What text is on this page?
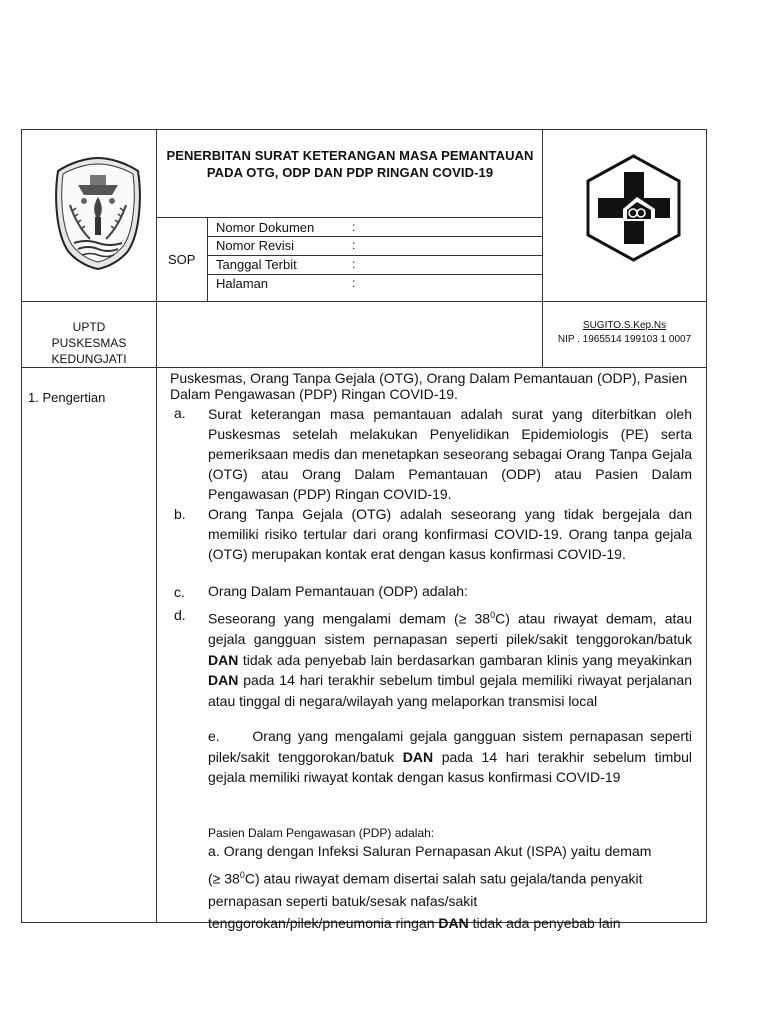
PENERBITAN SURAT KETERANGAN MASA PEMANTAUAN PADA OTG, ODP DAN PDP RINGAN COVID-19
SOP
Nomor Dokumen	:
Nomor Revisi	:
Tanggal Terbit	:
Halaman	:
UPTD
PUSKESMAS
KEDUNGJATI
SUGITO.S.Kep.Ns
NIP . 1965514 199103 1 0007
1. Pengertian
Puskesmas, Orang Tanpa Gejala (OTG), Orang Dalam Pemantauan (ODP), Pasien Dalam Pengawasan (PDP) Ringan COVID-19.
a. Surat keterangan masa pemantauan adalah surat yang diterbitkan oleh Puskesmas setelah melakukan Penyelidikan Epidemiologis (PE) serta pemeriksaan medis dan menetapkan seseorang sebagai Orang Tanpa Gejala (OTG) atau Orang Dalam Pemantauan (ODP) atau Pasien Dalam Pengawasan (PDP) Ringan COVID-19.
b. Orang Tanpa Gejala (OTG) adalah seseorang yang tidak bergejala dan memiliki risiko tertular dari orang konfirmasi COVID-19. Orang tanpa gejala (OTG) merupakan kontak erat dengan kasus konfirmasi COVID-19.
c. Orang Dalam Pemantauan (ODP) adalah:
d. Seseorang yang mengalami demam (≥ $38^0C$) atau riwayat demam, atau gejala gangguan sistem pernapasan seperti pilek/sakit tenggorokan/batuk DAN tidak ada penyebab lain berdasarkan gambaran klinis yang meyakinkan DAN pada 14 hari terakhir sebelum timbul gejala memiliki riwayat perjalanan atau tinggal di negara/wilayah yang melaporkan transmisi local
e. Orang yang mengalami gejala gangguan sistem pernapasan seperti pilek/sakit tenggorokan/batuk DAN pada 14 hari terakhir sebelum timbul gejala memiliki riwayat kontak dengan kasus konfirmasi COVID-19
Pasien Dalam Pengawasan (PDP) adalah:
a. Orang dengan Infeksi Saluran Pernapasan Akut (ISPA) yaitu demam
(≥ $38^0C$) atau riwayat demam disertai salah satu gejala/tanda penyakit
pernapasan seperti batuk/sesak nafas/sakit
tenggorokan/pilek/pneumonia ringan DAN tidak ada penyebab lain
